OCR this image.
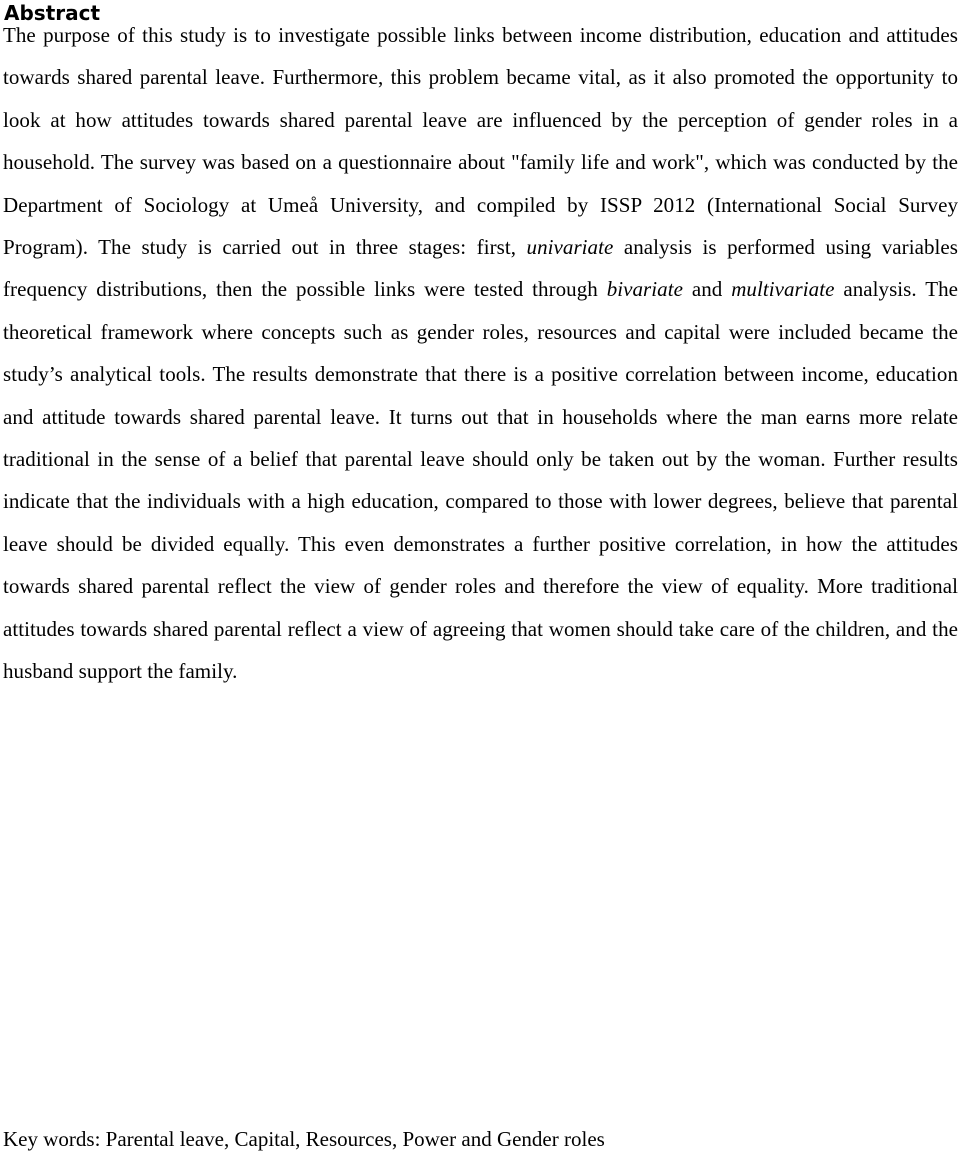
Abstract
The purpose of this study is to investigate possible links between income distribution, education and attitudes towards shared parental leave. Furthermore, this problem became vital, as it also promoted the opportunity to look at how attitudes towards shared parental leave are influenced by the perception of gender roles in a household. The survey was based on a questionnaire about "family life and work", which was conducted by the Department of Sociology at Umeå University, and compiled by ISSP 2012 (International Social Survey Program). The study is carried out in three stages: first, univariate analysis is performed using variables frequency distributions, then the possible links were tested through bivariate and multivariate analysis. The theoretical framework where concepts such as gender roles, resources and capital were included became the study’s analytical tools. The results demonstrate that there is a positive correlation between income, education and attitude towards shared parental leave. It turns out that in households where the man earns more relate traditional in the sense of a belief that parental leave should only be taken out by the woman. Further results indicate that the individuals with a high education, compared to those with lower degrees, believe that parental leave should be divided equally. This even demonstrates a further positive correlation, in how the attitudes towards shared parental reflect the view of gender roles and therefore the view of equality. More traditional attitudes towards shared parental reflect a view of agreeing that women should take care of the children, and the husband support the family.
Key words: Parental leave, Capital, Resources, Power and Gender roles
